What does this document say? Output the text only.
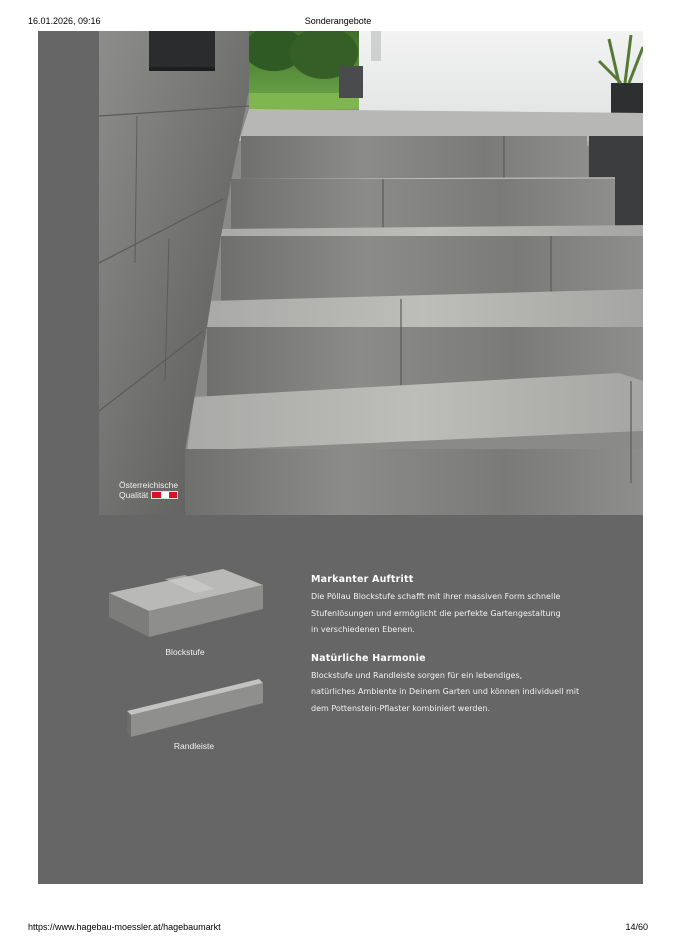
16.01.2026, 09:16	Sonderangebote
Österreichische
Qualität
Blockstufe
Randleiste
Markanter Auftritt

Die Pöllau Blockstufe schafft mit ihrer massiven Form schnelle

Stufenlösungen und ermöglicht die perfekte Gartengestaltung

in verschiedenen Ebenen.

Natürliche Harmonie

Blockstufe und Randleiste sorgen für ein lebendiges,

natürliches Ambiente in Deinem Garten und können individuell mit

dem Pottenstein-Pflaster kombiniert werden.

https://www.hagebau-moessler.at/hagebaumarkt	14/60
